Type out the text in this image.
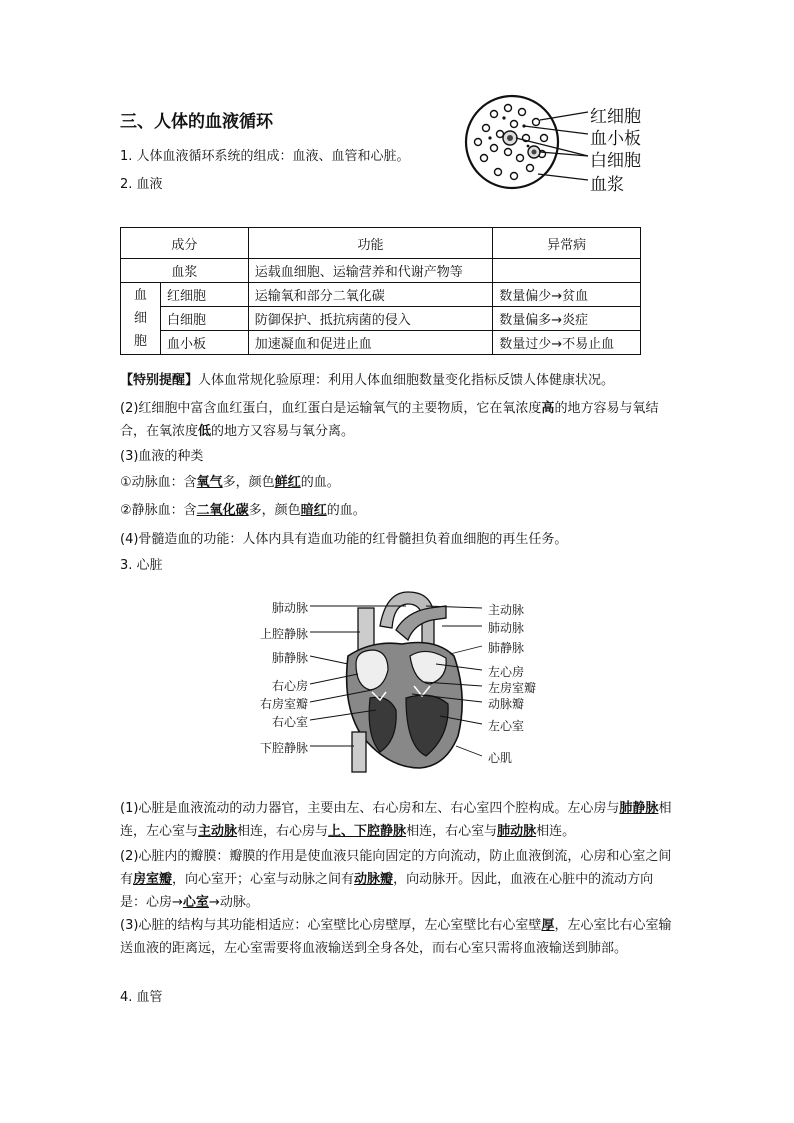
三、人体的血液循环
1. 人体血液循环系统的组成：血液、血管和心脏。
2. 血液
红细胞
血小板
白细胞
血浆
成分		功能	异常病
血浆		运载血细胞、运输营养和代谢产物等	

血
细
胞	红细胞	运输氧和部分二氧化碳	数量偏少→贫血
	白细胞	防御保护、抵抗病菌的侵入	数量偏多→炎症
	血小板	加速凝血和促进止血	数量过少→不易止血
【特别提醒】人体血常规化验原理：利用人体血细胞数量变化指标反馈人体健康状况。
(2)红细胞中富含血红蛋白，血红蛋白是运输氧气的主要物质，它在氧浓度高的地方容易与氧结合，在氧浓度低的地方又容易与氧分离。
(3)血液的种类
①动脉血：含氧气多，颜色鲜红的血。
②静脉血：含二氧化碳多，颜色暗红的血。
(4)骨髓造血的功能：人体内具有造血功能的红骨髓担负着血细胞的再生任务。
3. 心脏
肺动脉
上腔静脉
肺静脉
右心房
右房室瓣
右心室
下腔静脉
主动脉
肺动脉
肺静脉
左心房
左房室瓣
动脉瓣
左心室
心肌
(1)心脏是血液流动的动力器官，主要由左、右心房和左、右心室四个腔构成。左心房与肺静脉相连，左心室与主动脉相连，右心房与上、下腔静脉相连，右心室与肺动脉相连。
(2)心脏内的瓣膜：瓣膜的作用是使血液只能向固定的方向流动，防止血液倒流，心房和心室之间有房室瓣，向心室开；心室与动脉之间有动脉瓣，向动脉开。因此，血液在心脏中的流动方向是：心房→心室→动脉。
(3)心脏的结构与其功能相适应：心室壁比心房壁厚，左心室壁比右心室壁厚，左心室比右心室输送血液的距离远，左心室需要将血液输送到全身各处，而右心室只需将血液输送到肺部。
4. 血管
